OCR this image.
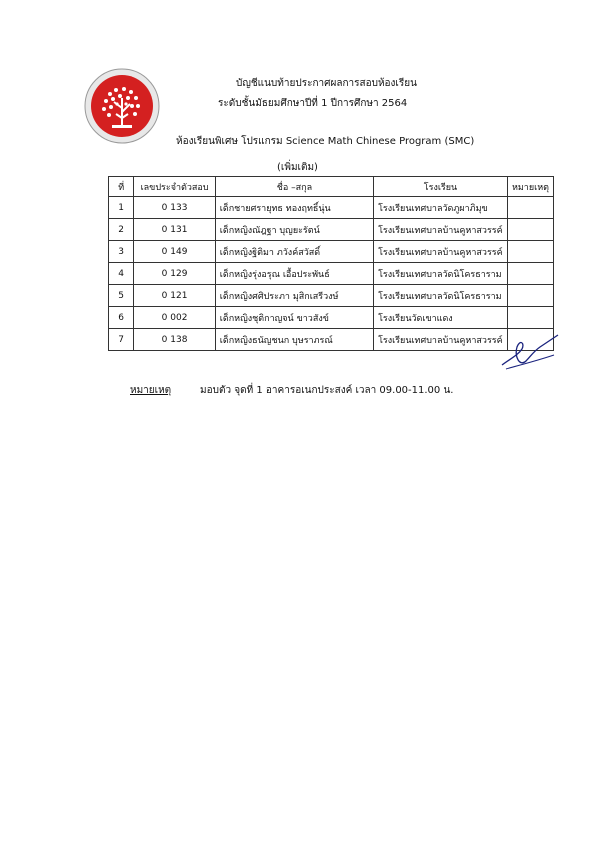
บัญชีแนบท้ายประกาศผลการสอบห้องเรียน
ระดับชั้นมัธยมศึกษาปีที่ 1 ปีการศึกษา 2564
ห้องเรียนพิเศษ โปรแกรม Science Math Chinese Program (SMC)
(เพิ่มเติม)
ที่	เลขประจำตัวสอบ	ชื่อ –สกุล	โรงเรียน	หมายเหตุ
1	0 133	เด็กชายศรายุทธ ทองฤทธิ์นุ่น	โรงเรียนเทศบาลวัดภูผาภิมุข	
2	0 131	เด็กหญิงณัฎฐา บุญยะรัตน์	โรงเรียนเทศบาลบ้านคูหาสวรรค์	
3	0 149	เด็กหญิงฐิติมา ภวังค์สวัสดิ์	โรงเรียนเทศบาลบ้านคูหาสวรรค์	
4	0 129	เด็กหญิงรุ่งอรุณ เอื้อประพันธ์	โรงเรียนเทศบาลวัดนิโครธาราม	
5	0 121	เด็กหญิงศศิประภา มุสิกเสรีวงษ์	โรงเรียนเทศบาลวัดนิโครธาราม	
6	0 002	เด็กหญิงชุติกาญจน์ ขาวสังข์	โรงเรียนวัดเขาแดง	
7	0 138	เด็กหญิงธนัญชนก บุษราภรณ์	โรงเรียนเทศบาลบ้านคูหาสวรรค์	
หมายเหตุ	มอบตัว จุดที่ 1 อาคารอเนกประสงค์ เวลา 09.00-11.00 น.
